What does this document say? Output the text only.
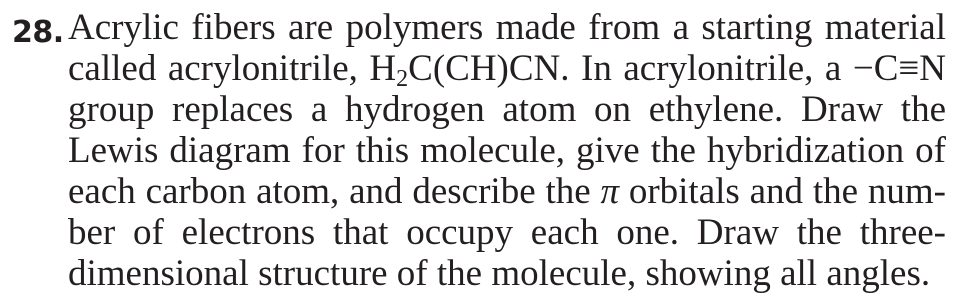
28. Acrylic fibers are polymers made from a starting material
called acrylonitrile, $H_2C(CH)CN$. In acrylonitrile, a −C≡N
group replaces a hydrogen atom on ethylene. Draw the
Lewis diagram for this molecule, give the hybridization of
each carbon atom, and describe the π orbitals and the num-
ber of electrons that occupy each one. Draw the three-
dimensional structure of the molecule, showing all angles.
